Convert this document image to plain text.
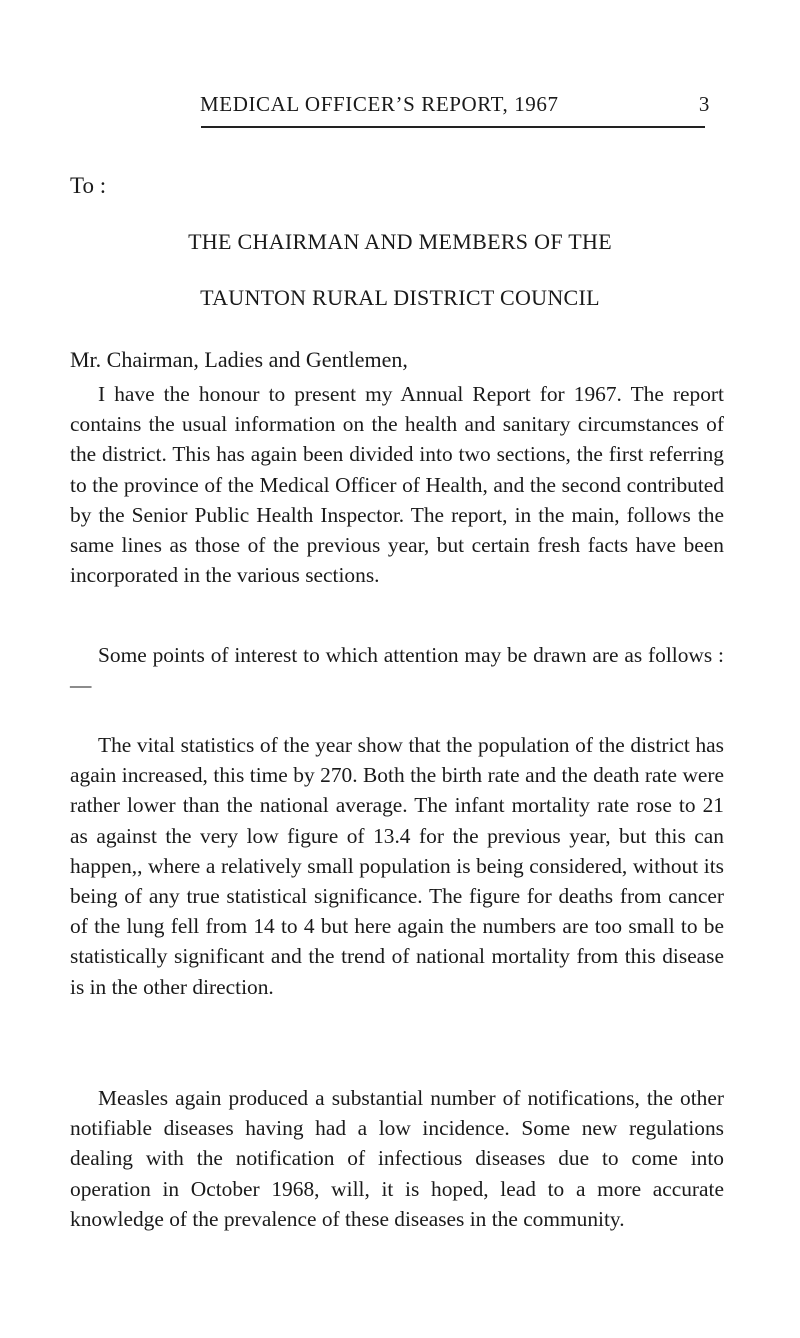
MEDICAL OFFICER’S REPORT, 1967	3
To :
THE CHAIRMAN AND MEMBERS OF THE
TAUNTON RURAL DISTRICT COUNCIL
Mr. Chairman, Ladies and Gentlemen,

I have the honour to present my Annual Report for 1967. The report contains the usual information on the health and sanitary circumstances of the district. This has again been divided into two sections, the first referring to the province of the Medical Officer of Health, and the second contributed by the Senior Public Health Inspector. The report, in the main, follows the same lines as those of the previous year, but certain fresh facts have been incorporated in the various sections.

Some points of interest to which attention may be drawn are as follows :—

The vital statistics of the year show that the population of the district has again increased, this time by 270. Both the birth rate and the death rate were rather lower than the national average. The infant mortality rate rose to 21 as against the very low figure of 13.4 for the previous year, but this can happen,, where a relatively small population is being considered, without its being of any true statistical significance. The figure for deaths from cancer of the lung fell from 14 to 4 but here again the numbers are too small to be statistically significant and the trend of national mortality from this disease is in the other direction.

Measles again produced a substantial number of notifications, the other notifiable diseases having had a low incidence. Some new regulations dealing with the notification of infectious diseases due to come into operation in October 1968, will, it is hoped, lead to a more accurate knowledge of the prevalence of these diseases in the community.
